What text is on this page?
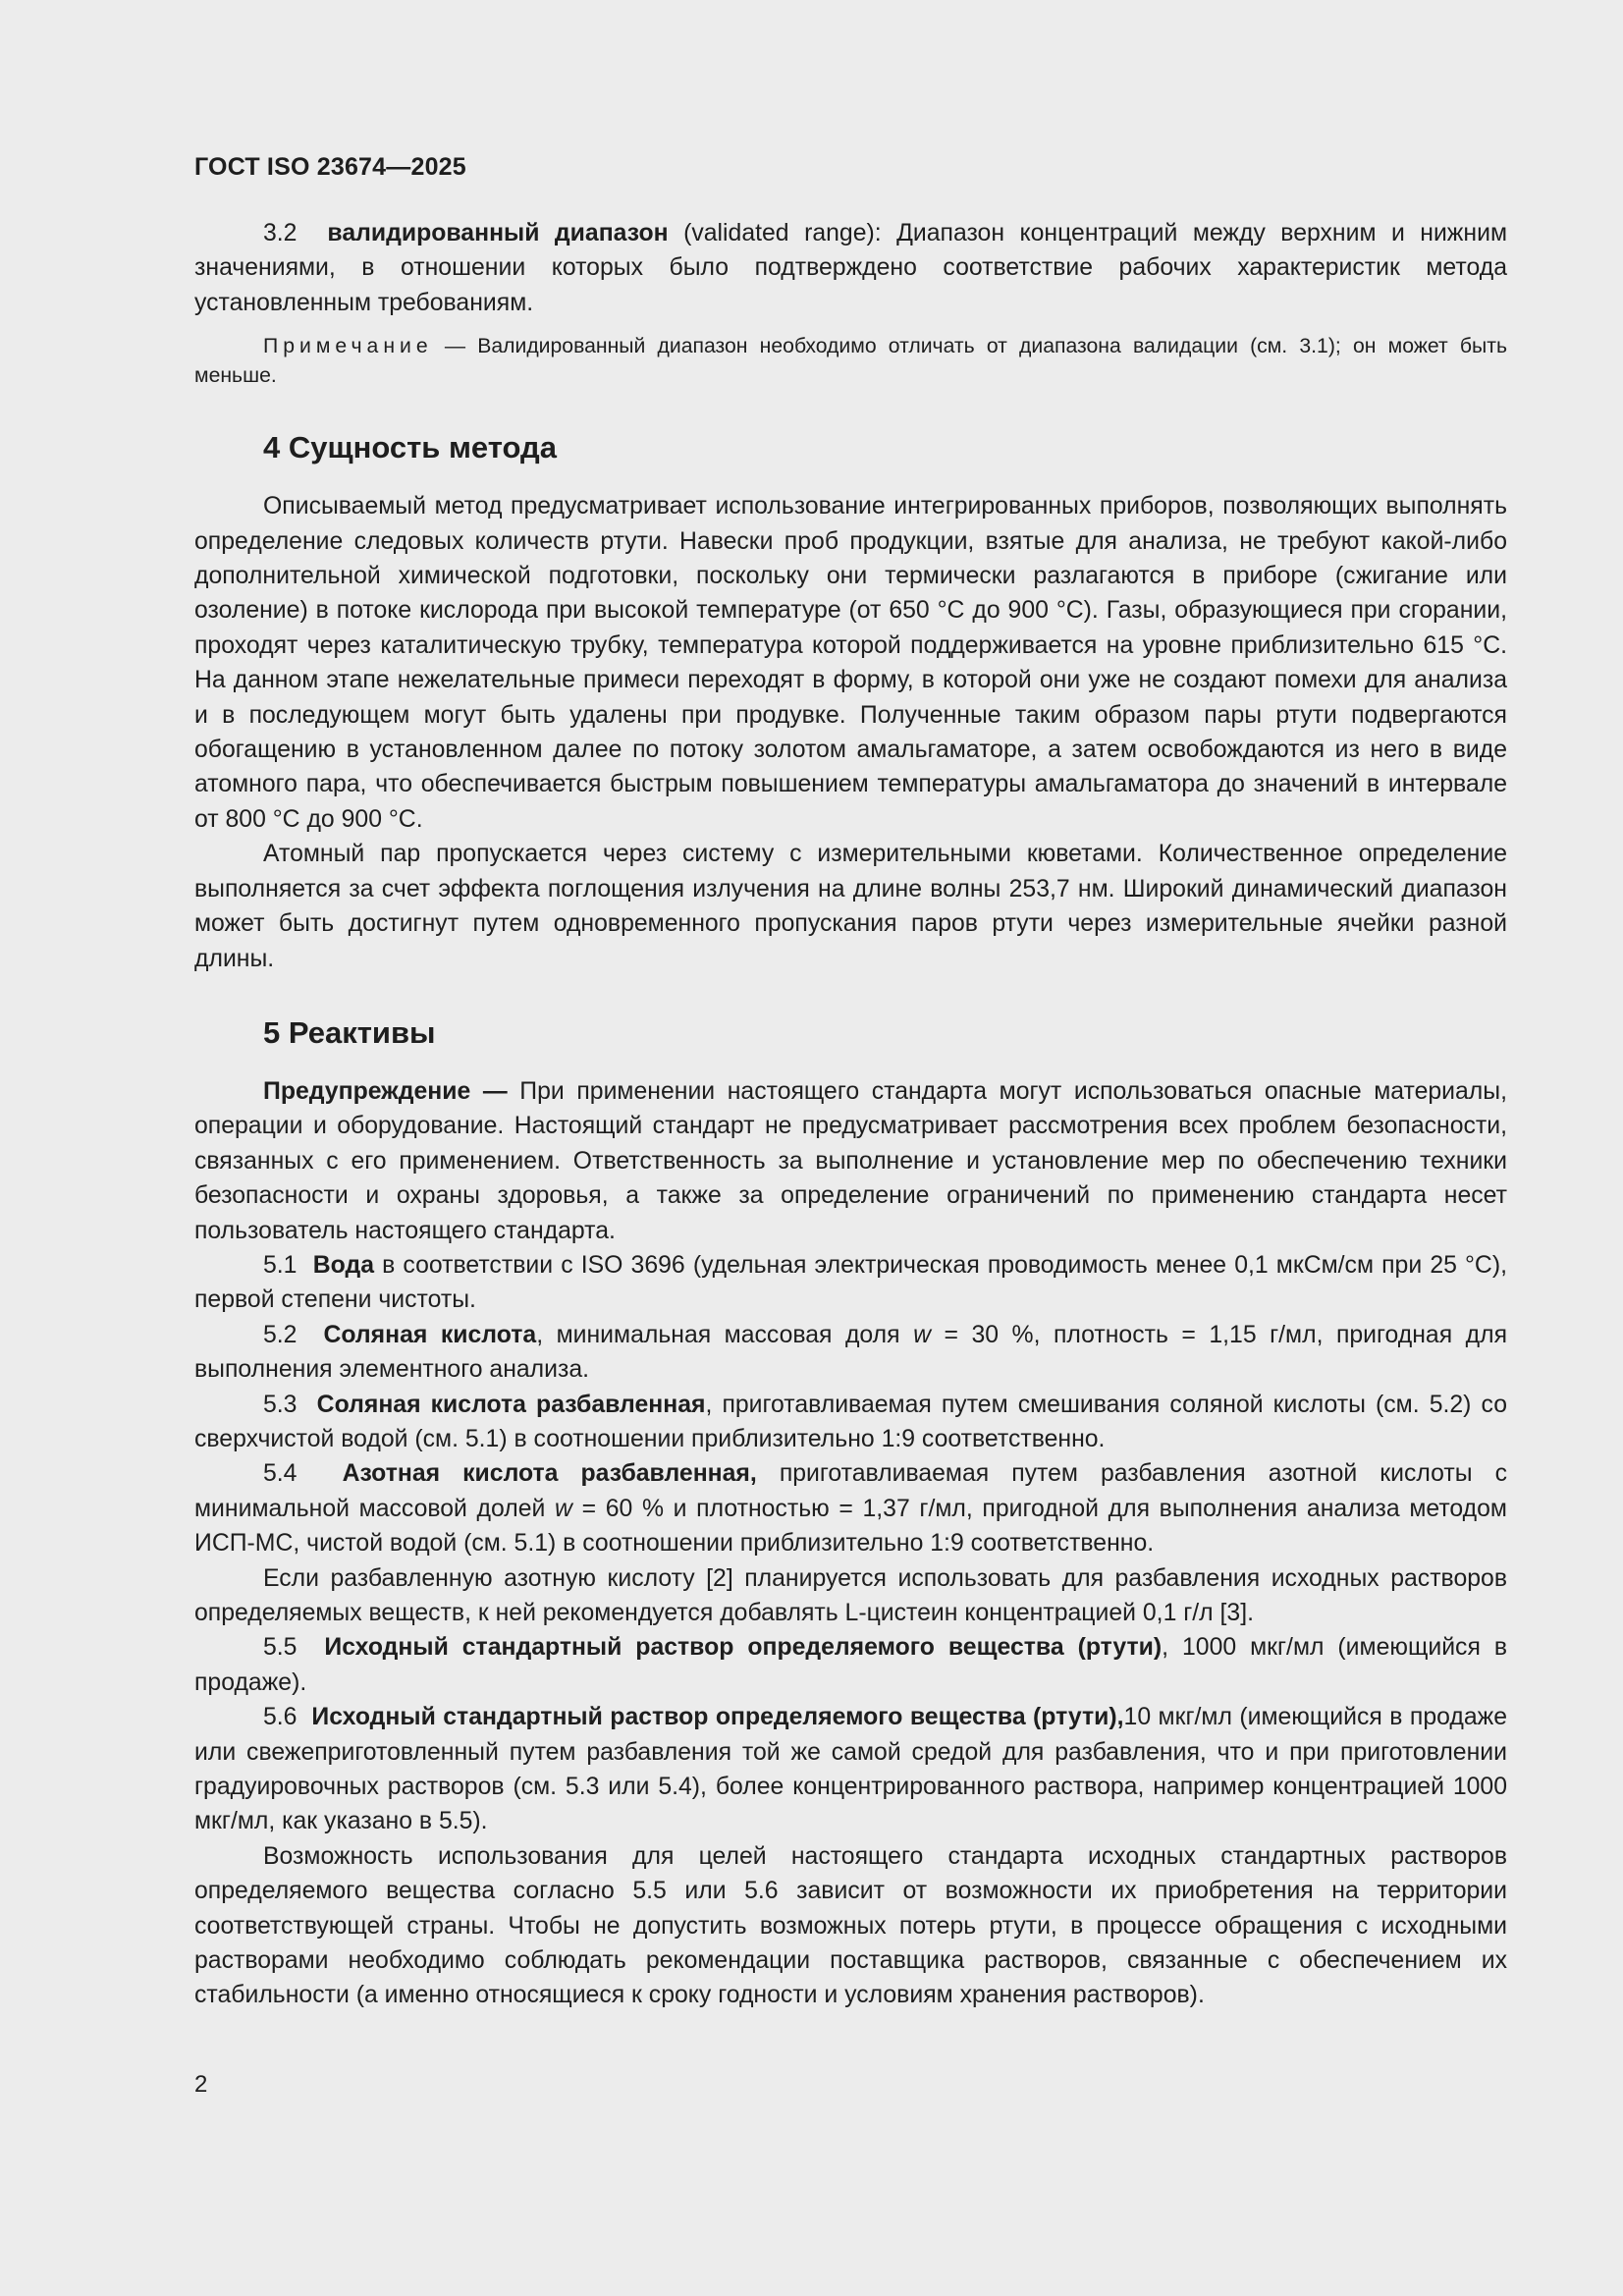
ГОСТ ISO 23674—2025

3.2 валидированный диапазон (validated range): Диапазон концентраций между верхним и нижним значениями, в отношении которых было подтверждено соответствие рабочих характеристик метода установленным требованиям.

Примечание — Валидированный диапазон необходимо отличать от диапазона валидации (см. 3.1); он может быть меньше.

4 Сущность метода

Описываемый метод предусматривает использование интегрированных приборов, позволяющих выполнять определение следовых количеств ртути. Навески проб продукции, взятые для анализа, не требуют какой-либо дополнительной химической подготовки, поскольку они термически разлагаются в приборе (сжигание или озоление) в потоке кислорода при высокой температуре (от 650 °C до 900 °C). Газы, образующиеся при сгорании, проходят через каталитическую трубку, температура которой поддерживается на уровне приблизительно 615 °C. На данном этапе нежелательные примеси переходят в форму, в которой они уже не создают помехи для анализа и в последующем могут быть удалены при продувке. Полученные таким образом пары ртути подвергаются обогащению в установленном далее по потоку золотом амальгаматоре, а затем освобождаются из него в виде атомного пара, что обеспечивается быстрым повышением температуры амальгаматора до значений в интервале от 800 °C до 900 °C.

Атомный пар пропускается через систему с измерительными кюветами. Количественное определение выполняется за счет эффекта поглощения излучения на длине волны 253,7 нм. Широкий динамический диапазон может быть достигнут путем одновременного пропускания паров ртути через измерительные ячейки разной длины.

5 Реактивы

Предупреждение — При применении настоящего стандарта могут использоваться опасные материалы, операции и оборудование. Настоящий стандарт не предусматривает рассмотрения всех проблем безопасности, связанных с его применением. Ответственность за выполнение и установление мер по обеспечению техники безопасности и охраны здоровья, а также за определение ограничений по применению стандарта несет пользователь настоящего стандарта.

5.1 Вода в соответствии с ISO 3696 (удельная электрическая проводимость менее 0,1 мкСм/см при 25 °C), первой степени чистоты.

5.2 Соляная кислота, минимальная массовая доля w = 30 %, плотность = 1,15 г/мл, пригодная для выполнения элементного анализа.

5.3 Соляная кислота разбавленная, приготавливаемая путем смешивания соляной кислоты (см. 5.2) со сверхчистой водой (см. 5.1) в соотношении приблизительно 1:9 соответственно.

5.4 Азотная кислота разбавленная, приготавливаемая путем разбавления азотной кислоты с минимальной массовой долей w = 60 % и плотностью = 1,37 г/мл, пригодной для выполнения анализа методом ИСП-МС, чистой водой (см. 5.1) в соотношении приблизительно 1:9 соответственно.

Если разбавленную азотную кислоту [2] планируется использовать для разбавления исходных растворов определяемых веществ, к ней рекомендуется добавлять L-цистеин концентрацией 0,1 г/л [3].

5.5 Исходный стандартный раствор определяемого вещества (ртути), 1000 мкг/мл (имеющийся в продаже).

5.6 Исходный стандартный раствор определяемого вещества (ртути),10 мкг/мл (имеющийся в продаже или свежеприготовленный путем разбавления той же самой средой для разбавления, что и при приготовлении градуировочных растворов (см. 5.3 или 5.4), более концентрированного раствора, например концентрацией 1000 мкг/мл, как указано в 5.5).

Возможность использования для целей настоящего стандарта исходных стандартных растворов определяемого вещества согласно 5.5 или 5.6 зависит от возможности их приобретения на территории соответствующей страны. Чтобы не допустить возможных потерь ртути, в процессе обращения с исходными растворами необходимо соблюдать рекомендации поставщика растворов, связанные с обеспечением их стабильности (а именно относящиеся к сроку годности и условиям хранения растворов).

2
